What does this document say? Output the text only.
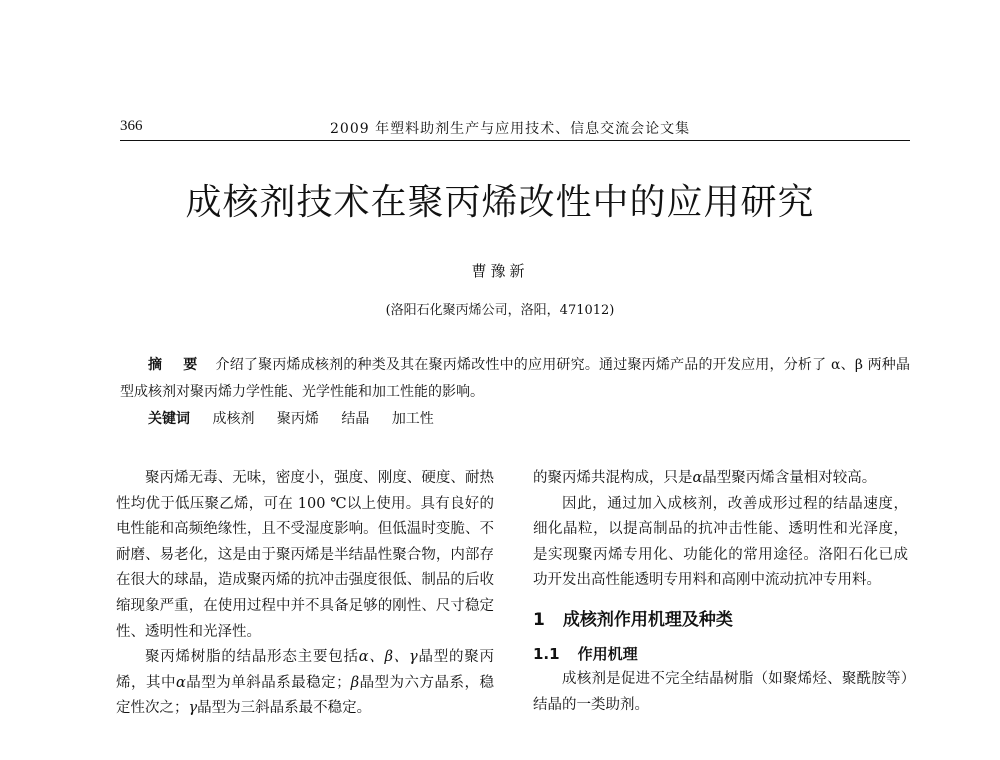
366	2009 年塑料助剂生产与应用技术、信息交流会论文集
成核剂技术在聚丙烯改性中的应用研究
曹豫新
(洛阳石化聚丙烯公司，洛阳，471012)
摘 要 介绍了聚丙烯成核剂的种类及其在聚丙烯改性中的应用研究。通过聚丙烯产品的开发应用，分析了 α、β 两种晶型成核剂对聚丙烯力学性能、光学性能和加工性能的影响。
关键词 成核剂 聚丙烯 结晶 加工性

聚丙烯无毒、无味，密度小，强度、刚度、硬度、耐热性均优于低压聚乙烯，可在 100 ℃以上使用。具有良好的电性能和高频绝缘性，且不受湿度影响。但低温时变脆、不耐磨、易老化，这是由于聚丙烯是半结晶性聚合物，内部存在很大的球晶，造成聚丙烯的抗冲击强度很低、制品的后收缩现象严重，在使用过程中并不具备足够的刚性、尺寸稳定性、透明性和光泽性。

聚丙烯树脂的结晶形态主要包括α、β、γ晶型的聚丙烯，其中α晶型为单斜晶系最稳定；β晶型为六方晶系，稳定性次之；γ晶型为三斜晶系最不稳定。

的聚丙烯共混构成，只是α晶型聚丙烯含量相对较高。

因此，通过加入成核剂，改善成形过程的结晶速度，细化晶粒，以提高制品的抗冲击性能、透明性和光泽度，是实现聚丙烯专用化、功能化的常用途径。洛阳石化已成功开发出高性能透明专用料和高刚中流动抗冲专用料。

1 成核剂作用机理及种类

1.1 作用机理

成核剂是促进不完全结晶树脂（如聚烯烃、聚酰胺等）结晶的一类助剂。
